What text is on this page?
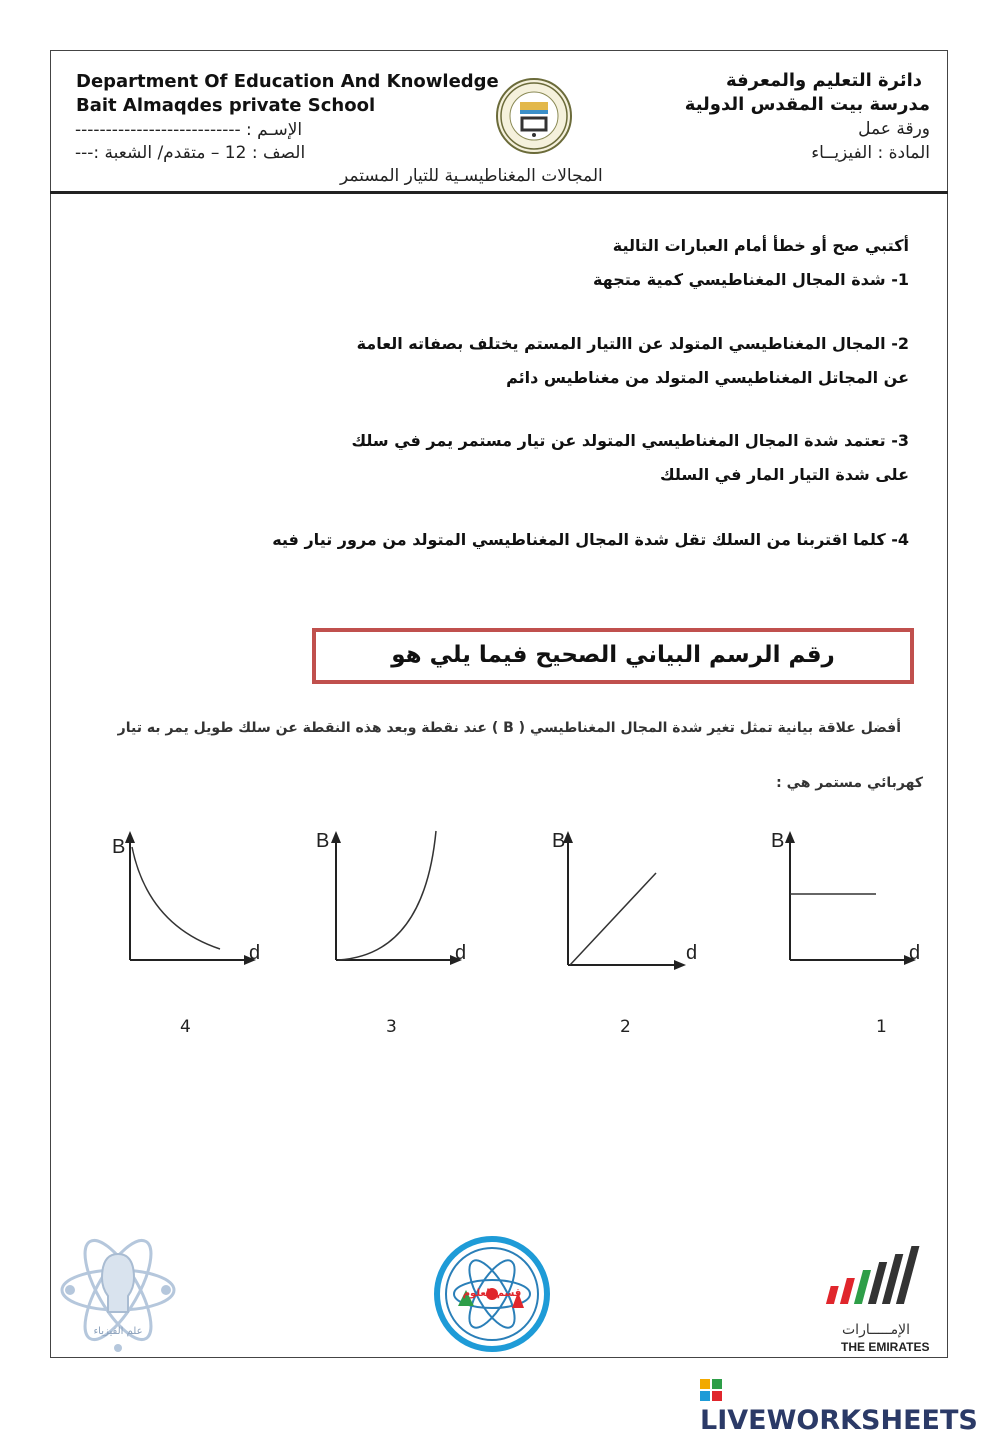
Department Of Education And Knowledge
Bait Almaqdes private School
الإسـم : ---------------------------
الصف : 12 – متقدم/ الشعبة :---
دائرة التعليم والمعرفة
مدرسة بيت المقدس الدولية
ورقة عمل
المادة : الفيزيــاء
المجالات المغناطيسـية للتيار المستمر
أكتبي صح أو خطأ أمام العبارات التالية
1- شدة المجال المغناطيسي كمية متجهة
2- المجال المغناطيسي المتولد عن االتيار المستم يختلف بصفاته العامة
عن المجاتل المغناطيسي المتولد من مغناطيس دائم
3- تعتمد شدة المجال المغناطيسي المتولد عن تيار مستمر يمر في سلك
على شدة التيار المار في السلك
4- كلما اقتربنا من السلك تقل شدة المجال المغناطيسي المتولد من مرور تيار فيه
رقم الرسم البياني الصحيح فيما يلي هو
أفضل علاقة بيانية تمثل تغير شدة المجال المغناطيسي ( B ) عند نقطة وبعد هذه النقطة عن سلك طويل يمر به تيار
كهربائي مستمر هي :
B
d
4
B
d
3
B
d
2
B
d
1
علم الفيزياء
قسم العلوم
الإمـــــارات
THE EMIRATES
LIVEWORKSHEETS
